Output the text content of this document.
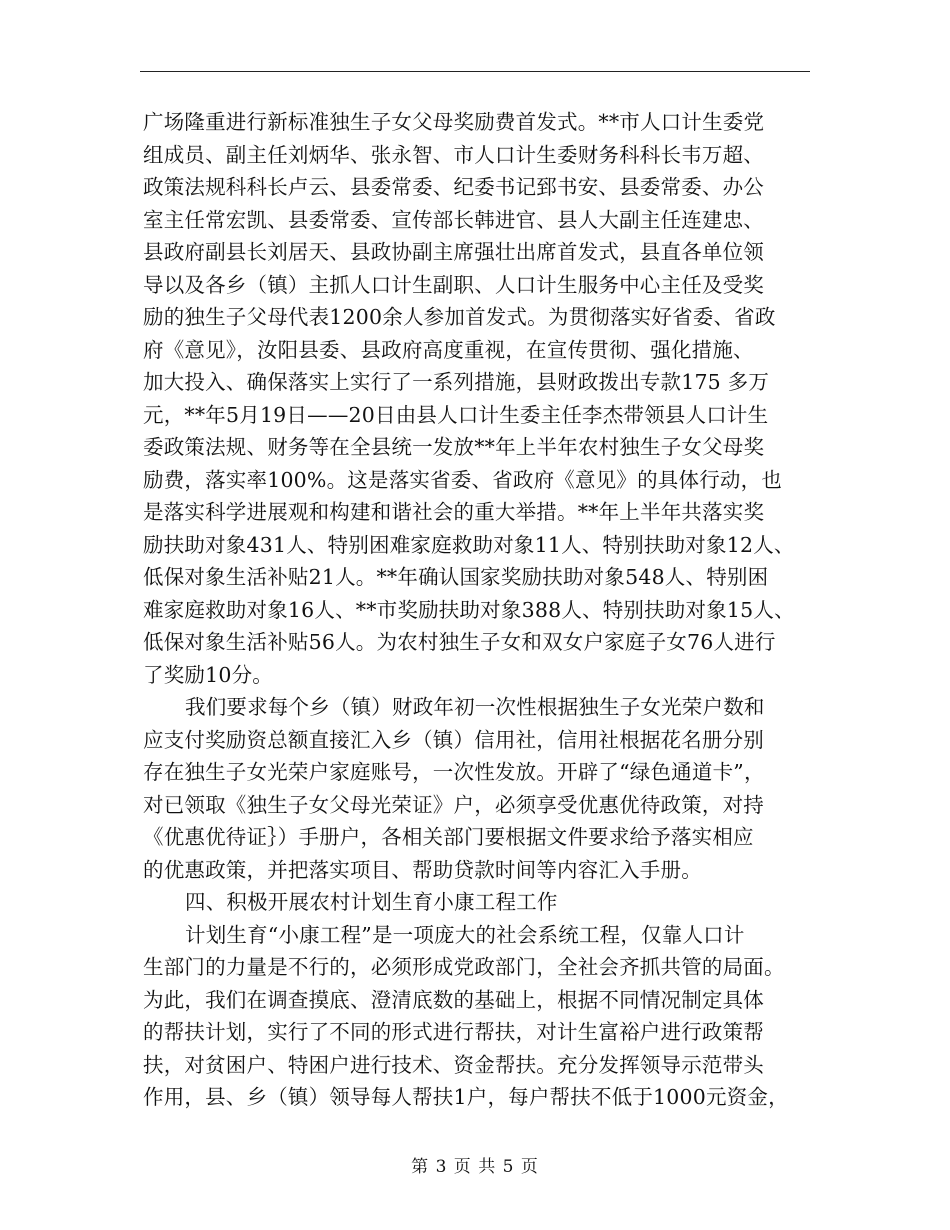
广场隆重进行新标准独生子女父母奖励费首发式。**市人口计生委党
组成员、副主任刘炳华、张永智、市人口计生委财务科科长韦万超、
政策法规科科长卢云、县委常委、纪委书记郅书安、县委常委、办公
室主任常宏凯、县委常委、宣传部长韩进官、县人大副主任连建忠、
县政府副县长刘居天、县政协副主席强壮出席首发式，县直各单位领
导以及各乡（镇）主抓人口计生副职、人口计生服务中心主任及受奖
励的独生子父母代表1200余人参加首发式。为贯彻落实好省委、省政
府《意见》，汝阳县委、县政府高度重视，在宣传贯彻、强化措施、
加大投入、确保落实上实行了一系列措施，县财政拨出专款175 多万
元，**年5月19日——20日由县人口计生委主任李杰带领县人口计生
委政策法规、财务等在全县统一发放**年上半年农村独生子女父母奖
励费，落实率100%。这是落实省委、省政府《意见》的具体行动，也
是落实科学进展观和构建和谐社会的重大举措。**年上半年共落实奖
励扶助对象431人、特别困难家庭救助对象11人、特别扶助对象12人、
低保对象生活补贴21人。**年确认国家奖励扶助对象548人、特别困
难家庭救助对象16人、**市奖励扶助对象388人、特别扶助对象15人、
低保对象生活补贴56人。为农村独生子女和双女户家庭子女76人进行
了奖励10分。
我们要求每个乡（镇）财政年初一次性根据独生子女光荣户数和
应支付奖励资总额直接汇入乡（镇）信用社，信用社根据花名册分别
存在独生子女光荣户家庭账号，一次性发放。开辟了“绿色通道卡”，
对已领取《独生子女父母光荣证》户，必须享受优惠优待政策，对持
《优惠优待证｝）手册户，各相关部门要根据文件要求给予落实相应
的优惠政策，并把落实项目、帮助贷款时间等内容汇入手册。
四、积极开展农村计划生育小康工程工作
计划生育“小康工程”是一项庞大的社会系统工程，仅靠人口计
生部门的力量是不行的，必须形成党政部门，全社会齐抓共管的局面。
为此，我们在调查摸底、澄清底数的基础上，根据不同情况制定具体
的帮扶计划，实行了不同的形式进行帮扶，对计生富裕户进行政策帮
扶，对贫困户、特困户进行技术、资金帮扶。充分发挥领导示范带头
作用，县、乡（镇）领导每人帮扶1户，每户帮扶不低于1000元资金，
第 3 页 共 5 页
